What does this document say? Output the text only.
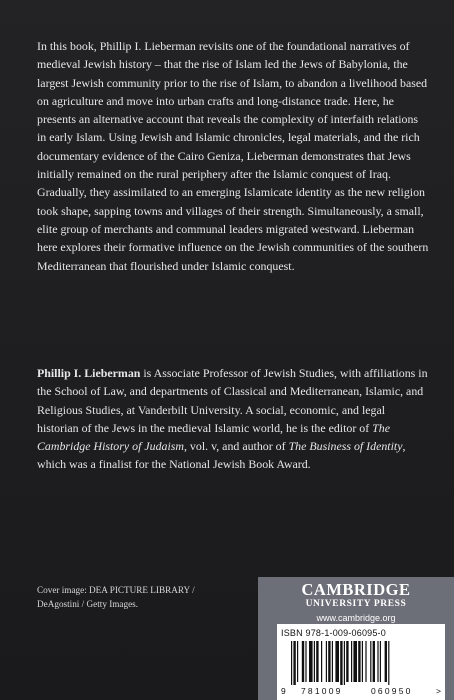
In this book, Phillip I. Lieberman revisits one of the foundational narratives of medieval Jewish history – that the rise of Islam led the Jews of Babylonia, the largest Jewish community prior to the rise of Islam, to abandon a livelihood based on agriculture and move into urban crafts and long-distance trade. Here, he presents an alternative account that reveals the complexity of interfaith relations in early Islam. Using Jewish and Islamic chronicles, legal materials, and the rich documentary evidence of the Cairo Geniza, Lieberman demonstrates that Jews initially remained on the rural periphery after the Islamic conquest of Iraq. Gradually, they assimilated to an emerging Islamicate identity as the new religion took shape, sapping towns and villages of their strength. Simultaneously, a small, elite group of merchants and communal leaders migrated westward. Lieberman here explores their formative influence on the Jewish communities of the southern Mediterranean that flourished under Islamic conquest.

Phillip I. Lieberman is Associate Professor of Jewish Studies, with affiliations in the School of Law, and departments of Classical and Mediterranean, Islamic, and Religious Studies, at Vanderbilt University. A social, economic, and legal historian of the Jews in the medieval Islamic world, he is the editor of The Cambridge History of Judaism, vol. v, and author of The Business of Identity, which was a finalist for the National Jewish Book Award.

Cover image: DEA PICTURE LIBRARY /
DeAgostini / Getty Images.
CAMBRIDGE
UNIVERSITY PRESS
www.cambridge.org
ISBN 978-1-009-06095-0
9 781009	060950	>
